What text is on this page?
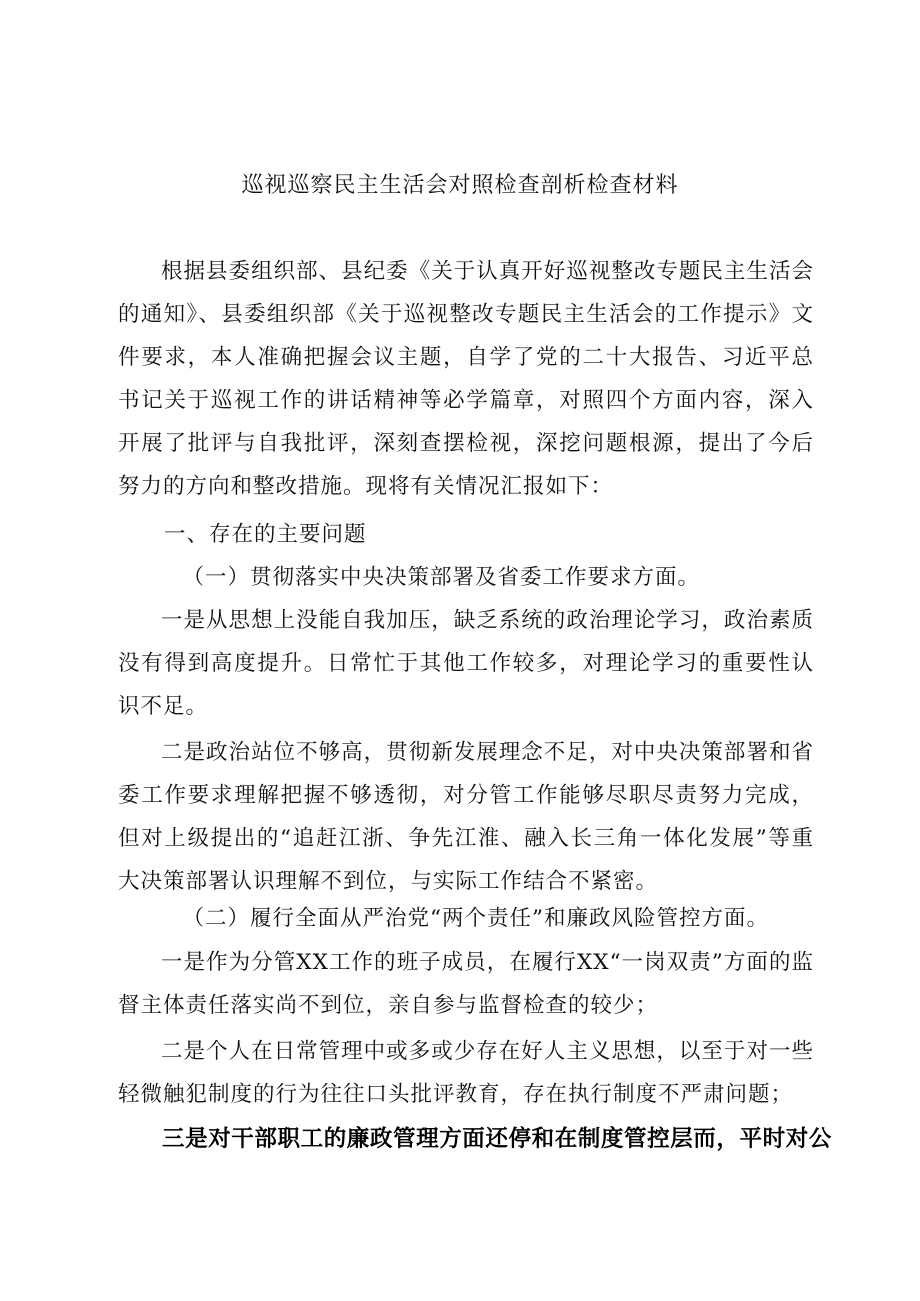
巡视巡察民主生活会对照检查剖析检查材料
根据县委组织部、县纪委《关于认真开好巡视整改专题民主生活会的通知》、县委组织部《关于巡视整改专题民主生活会的工作提示》文件要求，本人准确把握会议主题，自学了党的二十大报告、习近平总书记关于巡视工作的讲话精神等必学篇章，对照四个方面内容，深入开展了批评与自我批评，深刻查摆检视，深挖问题根源，提出了今后努力的方向和整改措施。现将有关情况汇报如下：
一、存在的主要问题
（一）贯彻落实中央决策部署及省委工作要求方面。
一是从思想上没能自我加压，缺乏系统的政治理论学习，政治素质没有得到高度提升。日常忙于其他工作较多，对理论学习的重要性认识不足。
二是政治站位不够高，贯彻新发展理念不足，对中央决策部署和省委工作要求理解把握不够透彻，对分管工作能够尽职尽责努力完成，但对上级提出的“追赶江浙、争先江淮、融入长三角一体化发展”等重大决策部署认识理解不到位，与实际工作结合不紧密。
（二）履行全面从严治党“两个责任”和廉政风险管控方面。
一是作为分管XX工作的班子成员，在履行XX“一岗双责”方面的监督主体责任落实尚不到位，亲自参与监督检查的较少；
二是个人在日常管理中或多或少存在好人主义思想，以至于对一些轻微触犯制度的行为往往口头批评教育，存在执行制度不严肃问题；
三是对干部职工的廉政管理方面还停和在制度管控层而，平时对公
